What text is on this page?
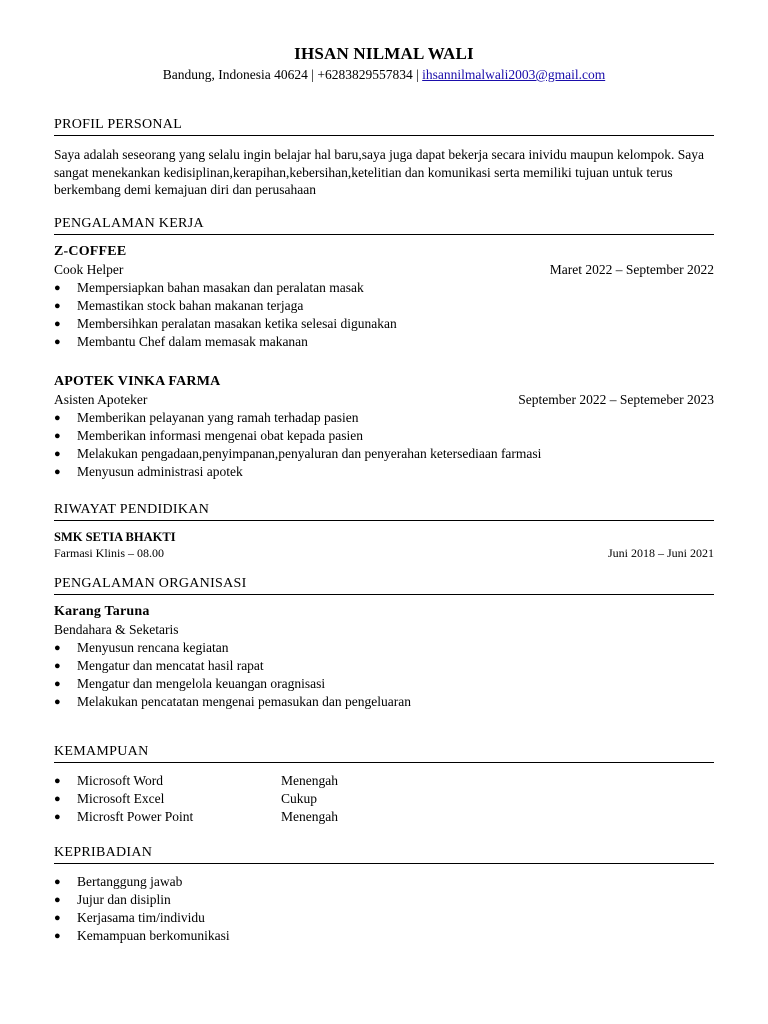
IHSAN NILMAL WALI
Bandung, Indonesia 40624 | +6283829557834 | ihsannilmalwali2003@gmail.com
PROFIL PERSONAL
Saya adalah seseorang yang selalu ingin belajar hal baru,saya juga dapat bekerja secara inividu maupun kelompok. Saya sangat menekankan kedisiplinan,kerapihan,kebersihan,ketelitian dan komunikasi serta memiliki tujuan untuk terus berkembang demi kemajuan diri dan perusahaan
PENGALAMAN KERJA
Z-COFFEE
Cook Helper	Maret 2022 – September 2022
● Mempersiapkan bahan masakan dan peralatan masak
● Memastikan stock bahan makanan terjaga
● Membersihkan peralatan masakan ketika selesai digunakan
● Membantu Chef dalam memasak makanan
APOTEK VINKA FARMA
Asisten Apoteker	September 2022 – Septemeber 2023
● Memberikan pelayanan yang ramah terhadap pasien
● Memberikan informasi mengenai obat kepada pasien
● Melakukan pengadaan,penyimpanan,penyaluran dan penyerahan ketersediaan farmasi
● Menyusun administrasi apotek
RIWAYAT PENDIDIKAN
SMK SETIA BHAKTI
Farmasi Klinis – 08.00	Juni 2018 – Juni 2021
PENGALAMAN ORGANISASI
Karang Taruna
Bendahara & Seketaris
● Menyusun rencana kegiatan
● Mengatur dan mencatat hasil rapat
● Mengatur dan mengelola keuangan oragnisasi
● Melakukan pencatatan mengenai pemasukan dan pengeluaran
KEMAMPUAN
● Microsoft Word	Menengah
● Microsoft Excel	Cukup
● Microsft Power Point	Menengah
KEPRIBADIAN
● Bertanggung jawab
● Jujur dan disiplin
● Kerjasama tim/individu
● Kemampuan berkomunikasi
